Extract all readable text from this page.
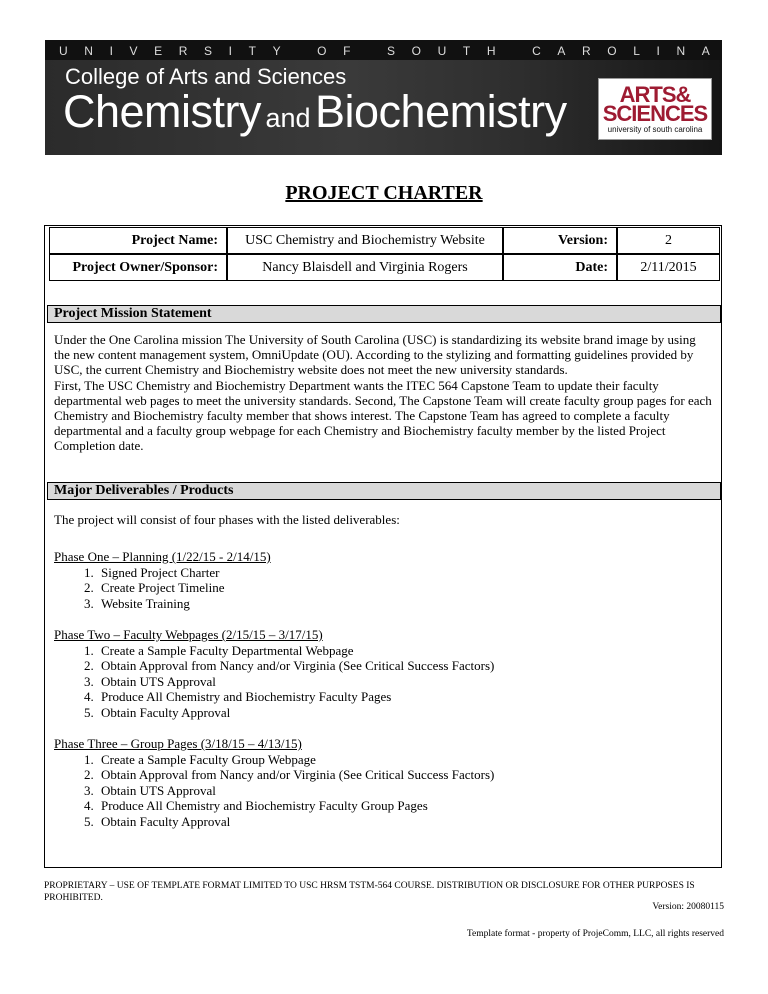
U N I V E R S I T Y
	O F
	S O U T H
	C A R O L I N A
College of Arts and Sciences
Chemistry and Biochemistry ARTS&
SCIENCES
university of south carolina
PROJECT CHARTER
Project Name:	USC Chemistry and Biochemistry Website	Version:	2
Project Owner/Sponsor:	Nancy Blaisdell and Virginia Rogers	Date:	2/11/2015
Project Mission Statement
Under the One Carolina mission The University of South Carolina (USC) is standardizing its website brand image by using the new content management system, OmniUpdate (OU). According to the stylizing and formatting guidelines provided by USC, the current Chemistry and Biochemistry website does not meet the new university standards.
First, The USC Chemistry and Biochemistry Department wants the ITEC 564 Capstone Team to update their faculty departmental web pages to meet the university standards. Second, The Capstone Team will create faculty group pages for each Chemistry and Biochemistry faculty member that shows interest. The Capstone Team has agreed to complete a faculty departmental and a faculty group webpage for each Chemistry and Biochemistry faculty member by the listed Project Completion date.
Major Deliverables / Products
The project will consist of four phases with the listed deliverables:
Phase One – Planning (1/22/15 - 2/14/15)
1. Signed Project Charter
2. Create Project Timeline
3. Website Training
Phase Two – Faculty Webpages (2/15/15 – 3/17/15)
1. Create a Sample Faculty Departmental Webpage
2. Obtain Approval from Nancy and/or Virginia (See Critical Success Factors)
3. Obtain UTS Approval
4. Produce All Chemistry and Biochemistry Faculty Pages
5. Obtain Faculty Approval
Phase Three – Group Pages (3/18/15 – 4/13/15)
1. Create a Sample Faculty Group Webpage
2. Obtain Approval from Nancy and/or Virginia (See Critical Success Factors)
3. Obtain UTS Approval
4. Produce All Chemistry and Biochemistry Faculty Group Pages
5. Obtain Faculty Approval
PROPRIETARY – USE OF TEMPLATE FORMAT LIMITED TO USC HRSM TSTM-564 COURSE. DISTRIBUTION OR DISCLOSURE FOR OTHER PURPOSES IS PROHIBITED.
Version: 20080115
Template format - property of ProjeComm, LLC, all rights reserved
